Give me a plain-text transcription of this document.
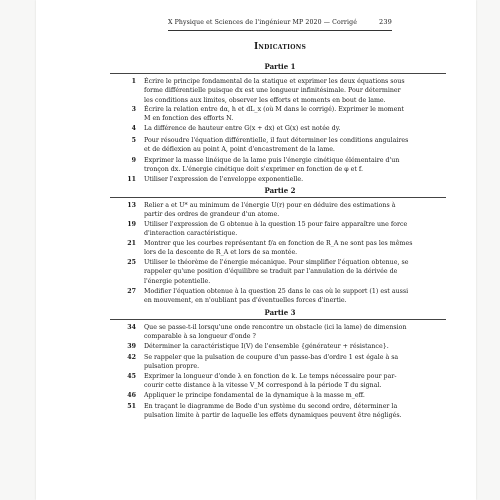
X Physique et Sciences de l'ingénieur MP 2020 — Corrigé	239
Indications
Partie 1
1 Écrire le principe fondamental de la statique et exprimer les deux équations sous
forme différentielle puisque dx est une longueur infinitésimale. Pour déterminer
les conditions aux limites, observer les efforts et moments en bout de lame.
3 Écrire la relation entre dα, h et dL_x (où M dans le corrigé). Exprimer le moment
M en fonction des efforts N.
4 La différence de hauteur entre G(x + dx) et G(x) est notée dy.
5 Pour résoudre l'équation différentielle, il faut déterminer les conditions angulaires
et de déflexion au point A, point d'encastrement de la lame.
9 Exprimer la masse linéique de la lame puis l'énergie cinétique élémentaire d'un
tronçon dx. L'énergie cinétique doit s'exprimer en fonction de φ et f.
11 Utiliser l'expression de l'enveloppe exponentielle.
Partie 2
13 Relier a et U* au minimum de l'énergie U(r) pour en déduire des estimations à
partir des ordres de grandeur d'un atome.
19 Utiliser l'expression de G obtenue à la question 15 pour faire apparaître une force
d'interaction caractéristique.
21 Montrer que les courbes représentant f/a en fonction de R_A ne sont pas les mêmes
lors de la descente de R_A et lors de sa montée.
25 Utiliser le théorème de l'énergie mécanique. Pour simplifier l'équation obtenue, se
rappeler qu'une position d'équilibre se traduit par l'annulation de la dérivée de
l'énergie potentielle.
27 Modifier l'équation obtenue à la question 25 dans le cas où le support (1) est aussi
en mouvement, en n'oubliant pas d'éventuelles forces d'inertie.
Partie 3
34 Que se passe-t-il lorsqu'une onde rencontre un obstacle (ici la lame) de dimension
comparable à sa longueur d'onde ?
39 Déterminer la caractéristique I(V) de l'ensemble {générateur + résistance}.
42 Se rappeler que la pulsation de coupure d'un passe-bas d'ordre 1 est égale à sa
pulsation propre.
45 Exprimer la longueur d'onde λ en fonction de k. Le temps nécessaire pour par-
courir cette distance à la vitesse V_M correspond à la période T du signal.
46 Appliquer le principe fondamental de la dynamique à la masse m_eff.
51 En traçant le diagramme de Bode d'un système du second ordre, déterminer la
pulsation limite à partir de laquelle les effets dynamiques peuvent être négligés.
